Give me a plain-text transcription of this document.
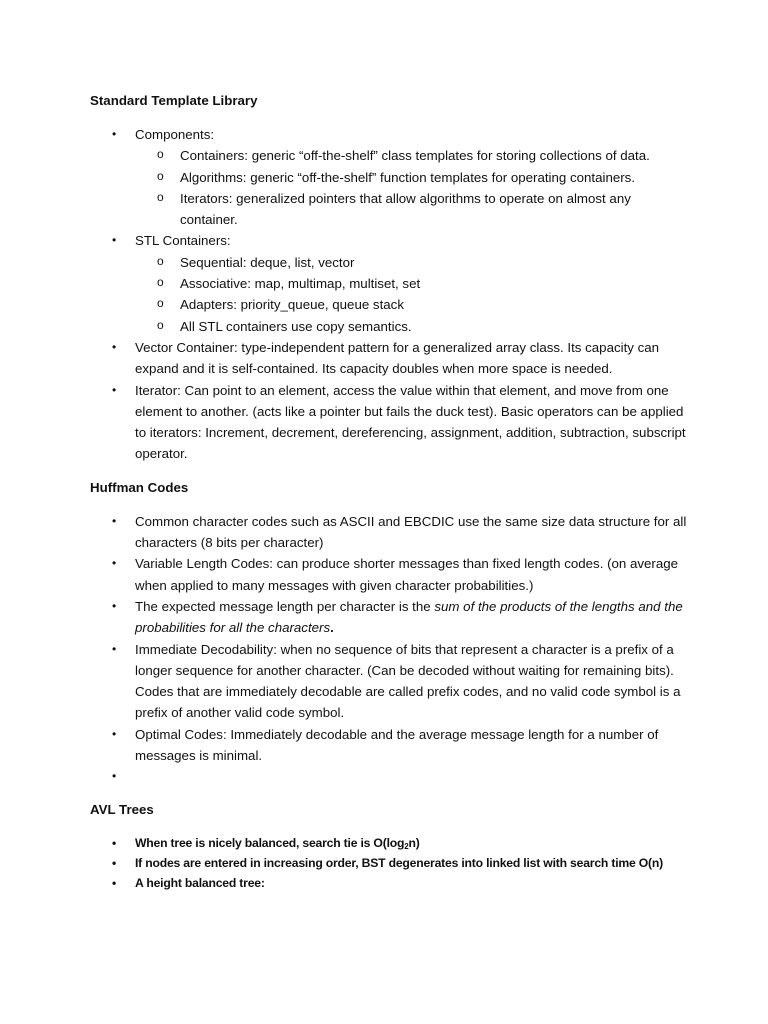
Standard Template Library
• Components:
o Containers: generic “off-the-shelf” class templates for storing collections of data.
o Algorithms: generic “off-the-shelf” function templates for operating containers.
o Iterators: generalized pointers that allow algorithms to operate on almost any container.
• STL Containers:
o Sequential: deque, list, vector
o Associative: map, multimap, multiset, set
o Adapters: priority_queue, queue stack
o All STL containers use copy semantics.
• Vector Container: type-independent pattern for a generalized array class. Its capacity can expand and it is self-contained. Its capacity doubles when more space is needed.
• Iterator: Can point to an element, access the value within that element, and move from one element to another. (acts like a pointer but fails the duck test). Basic operators can be applied to iterators: Increment, decrement, dereferencing, assignment, addition, subtraction, subscript operator.
Huffman Codes
• Common character codes such as ASCII and EBCDIC use the same size data structure for all characters (8 bits per character)
• Variable Length Codes: can produce shorter messages than fixed length codes. (on average when applied to many messages with given character probabilities.)
• The expected message length per character is the sum of the products of the lengths and the probabilities for all the characters.
• Immediate Decodability: when no sequence of bits that represent a character is a prefix of a longer sequence for another character. (Can be decoded without waiting for remaining bits). Codes that are immediately decodable are called prefix codes, and no valid code symbol is a prefix of another valid code symbol.
• Optimal Codes: Immediately decodable and the average message length for a number of messages is minimal.
•
AVL Trees
• When tree is nicely balanced, search tie is $O(\log_2n)$
• If nodes are entered in increasing order, BST degenerates into linked list with search time O(n)
• A height balanced tree:
